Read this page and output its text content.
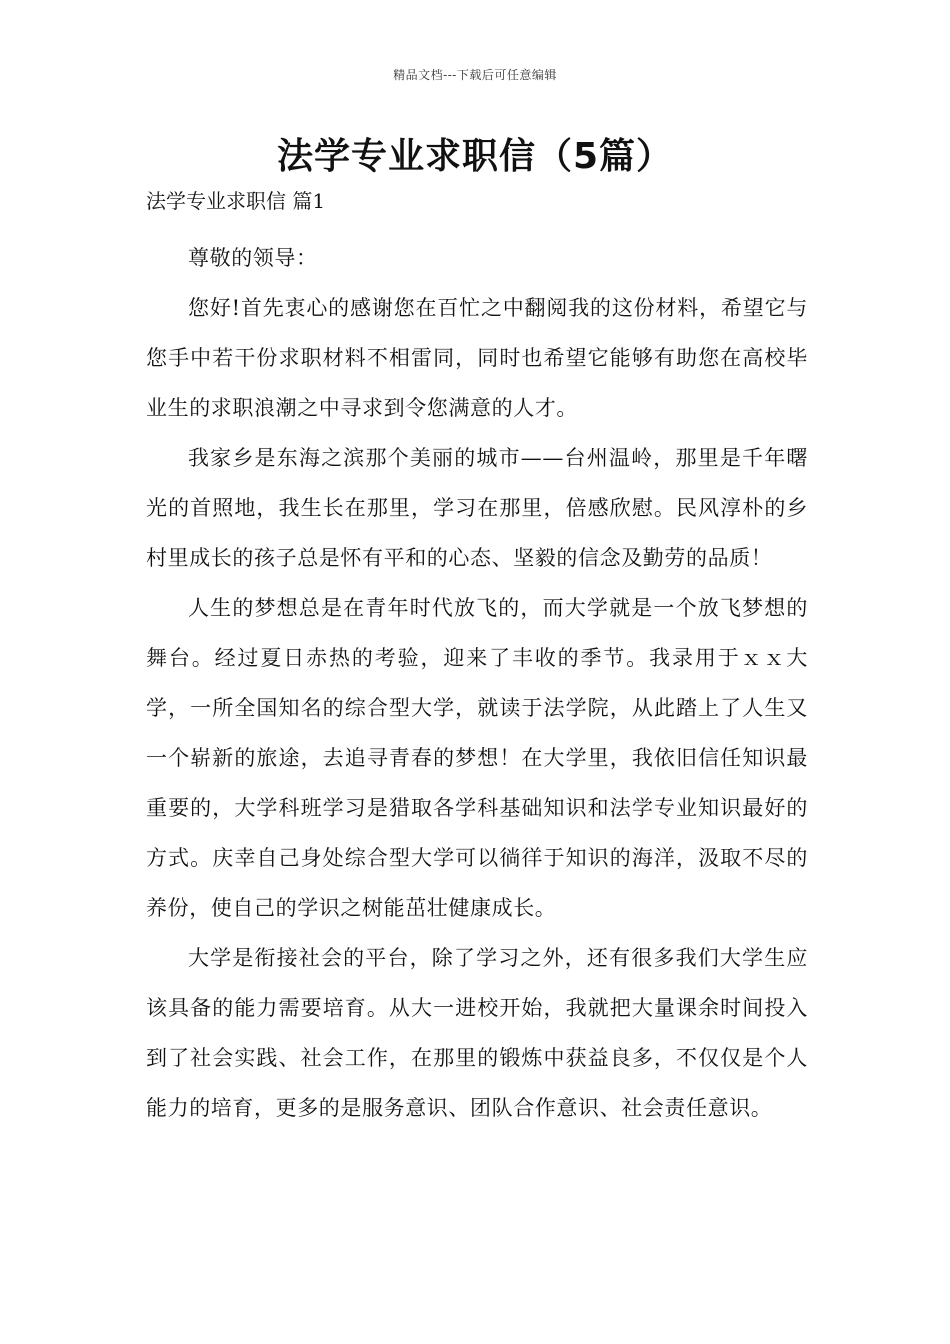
精品文档---下载后可任意编辑
法学专业求职信（5篇）
法学专业求职信 篇1

尊敬的领导：

您好!首先衷心的感谢您在百忙之中翻阅我的这份材料，希望它与您手中若干份求职材料不相雷同，同时也希望它能够有助您在高校毕业生的求职浪潮之中寻求到令您满意的人才。

我家乡是东海之滨那个美丽的城市——台州温岭，那里是千年曙光的首照地，我生长在那里，学习在那里，倍感欣慰。民风淳朴的乡村里成长的孩子总是怀有平和的心态、坚毅的信念及勤劳的品质！

人生的梦想总是在青年时代放飞的，而大学就是一个放飞梦想的舞台。经过夏日赤热的考验，迎来了丰收的季节。我录用于ｘｘ大学，一所全国知名的综合型大学，就读于法学院，从此踏上了人生又一个崭新的旅途，去追寻青春的梦想！在大学里，我依旧信任知识最重要的，大学科班学习是猎取各学科基础知识和法学专业知识最好的方式。庆幸自己身处综合型大学可以徜徉于知识的海洋，汲取不尽的养份，使自己的学识之树能茁壮健康成长。

大学是衔接社会的平台，除了学习之外，还有很多我们大学生应该具备的能力需要培育。从大一进校开始，我就把大量课余时间投入到了社会实践、社会工作，在那里的锻炼中获益良多，不仅仅是个人能力的培育，更多的是服务意识、团队合作意识、社会责任意识。
